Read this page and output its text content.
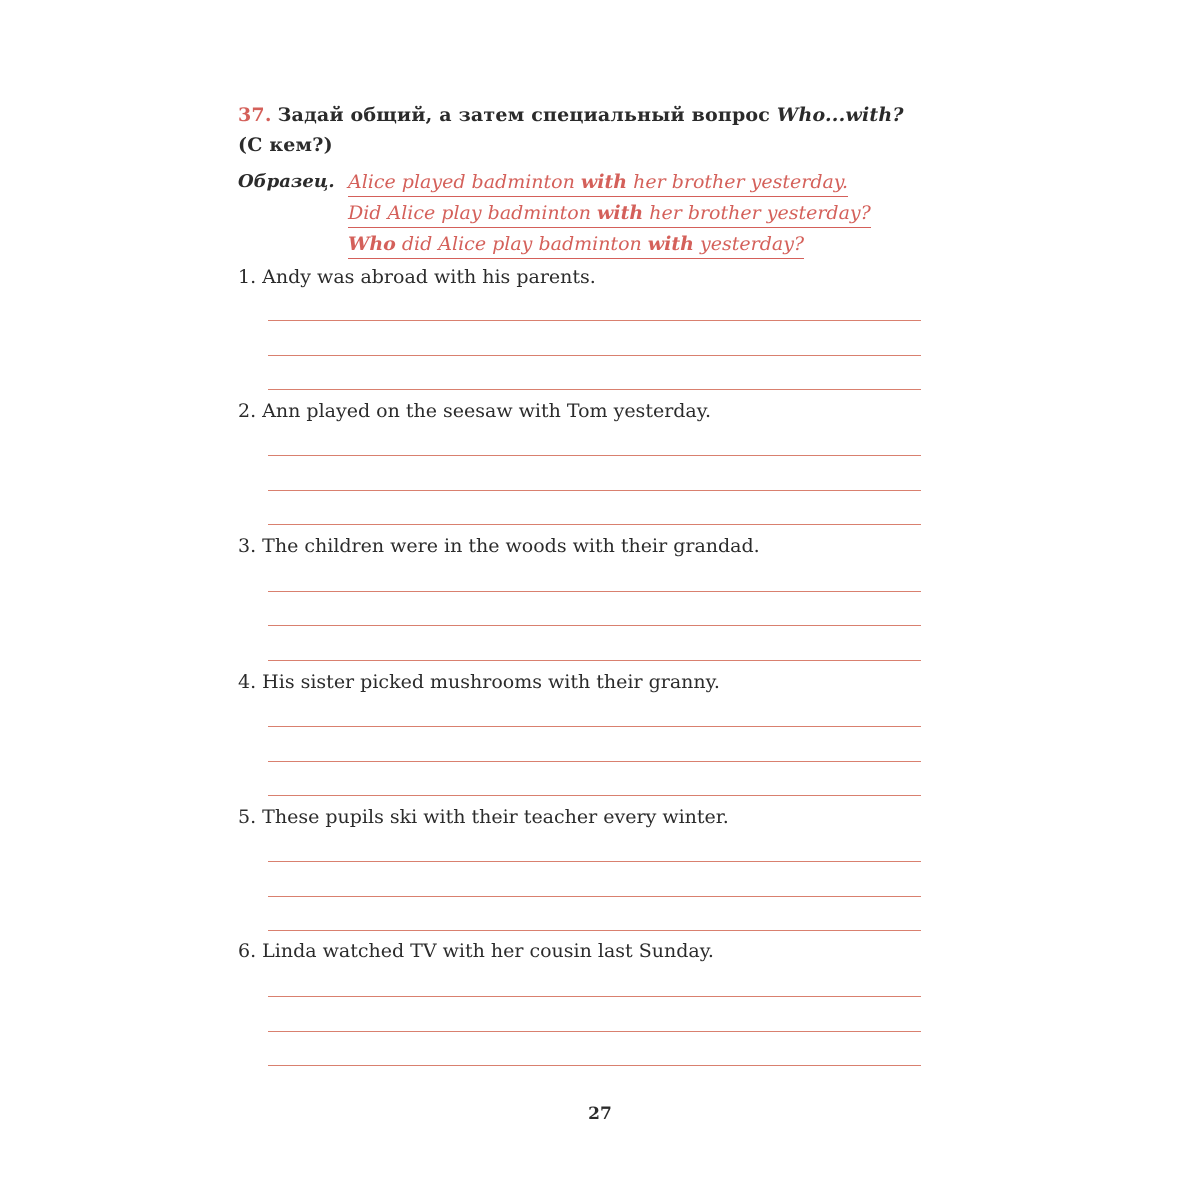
37. Задай общий, а затем специальный вопрос Who...with?
(С кем?)
Образец. Alice played badminton with her brother yesterday.
Did Alice play badminton with her brother yesterday?
Who did Alice play badminton with yesterday?
1. Andy was abroad with his parents.
2. Ann played on the seesaw with Tom yesterday.
3. The children were in the woods with their grandad.
4. His sister picked mushrooms with their granny.
5. These pupils ski with their teacher every winter.
6. Linda watched TV with her cousin last Sunday.
27
